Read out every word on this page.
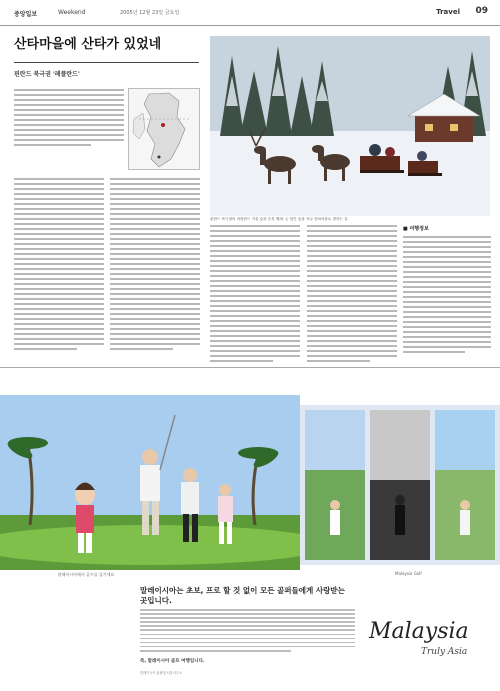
중앙일보	Weekend	2005년 12월 23일 금요일	Travel 09
산타마을에 산타가 있었네
핀란드 북극권 '레플란드'
핀란드 북극권의 라플란드 겨울 숲과 순록 썰매. 눈 덮인 숲을 지나 산타마을로 향하는 길.
■ 여행정보
말레이시아에서 골프를 즐기세요	Malaysia Golf
말레이시아는 초보, 프로 할 것 없이 모든 골퍼들에게 사랑받는 곳입니다.
즉, 말레이시아 골프 여행입니다.
말레이시아 관광청 서울사무소
Malaysia
Truly Asia
